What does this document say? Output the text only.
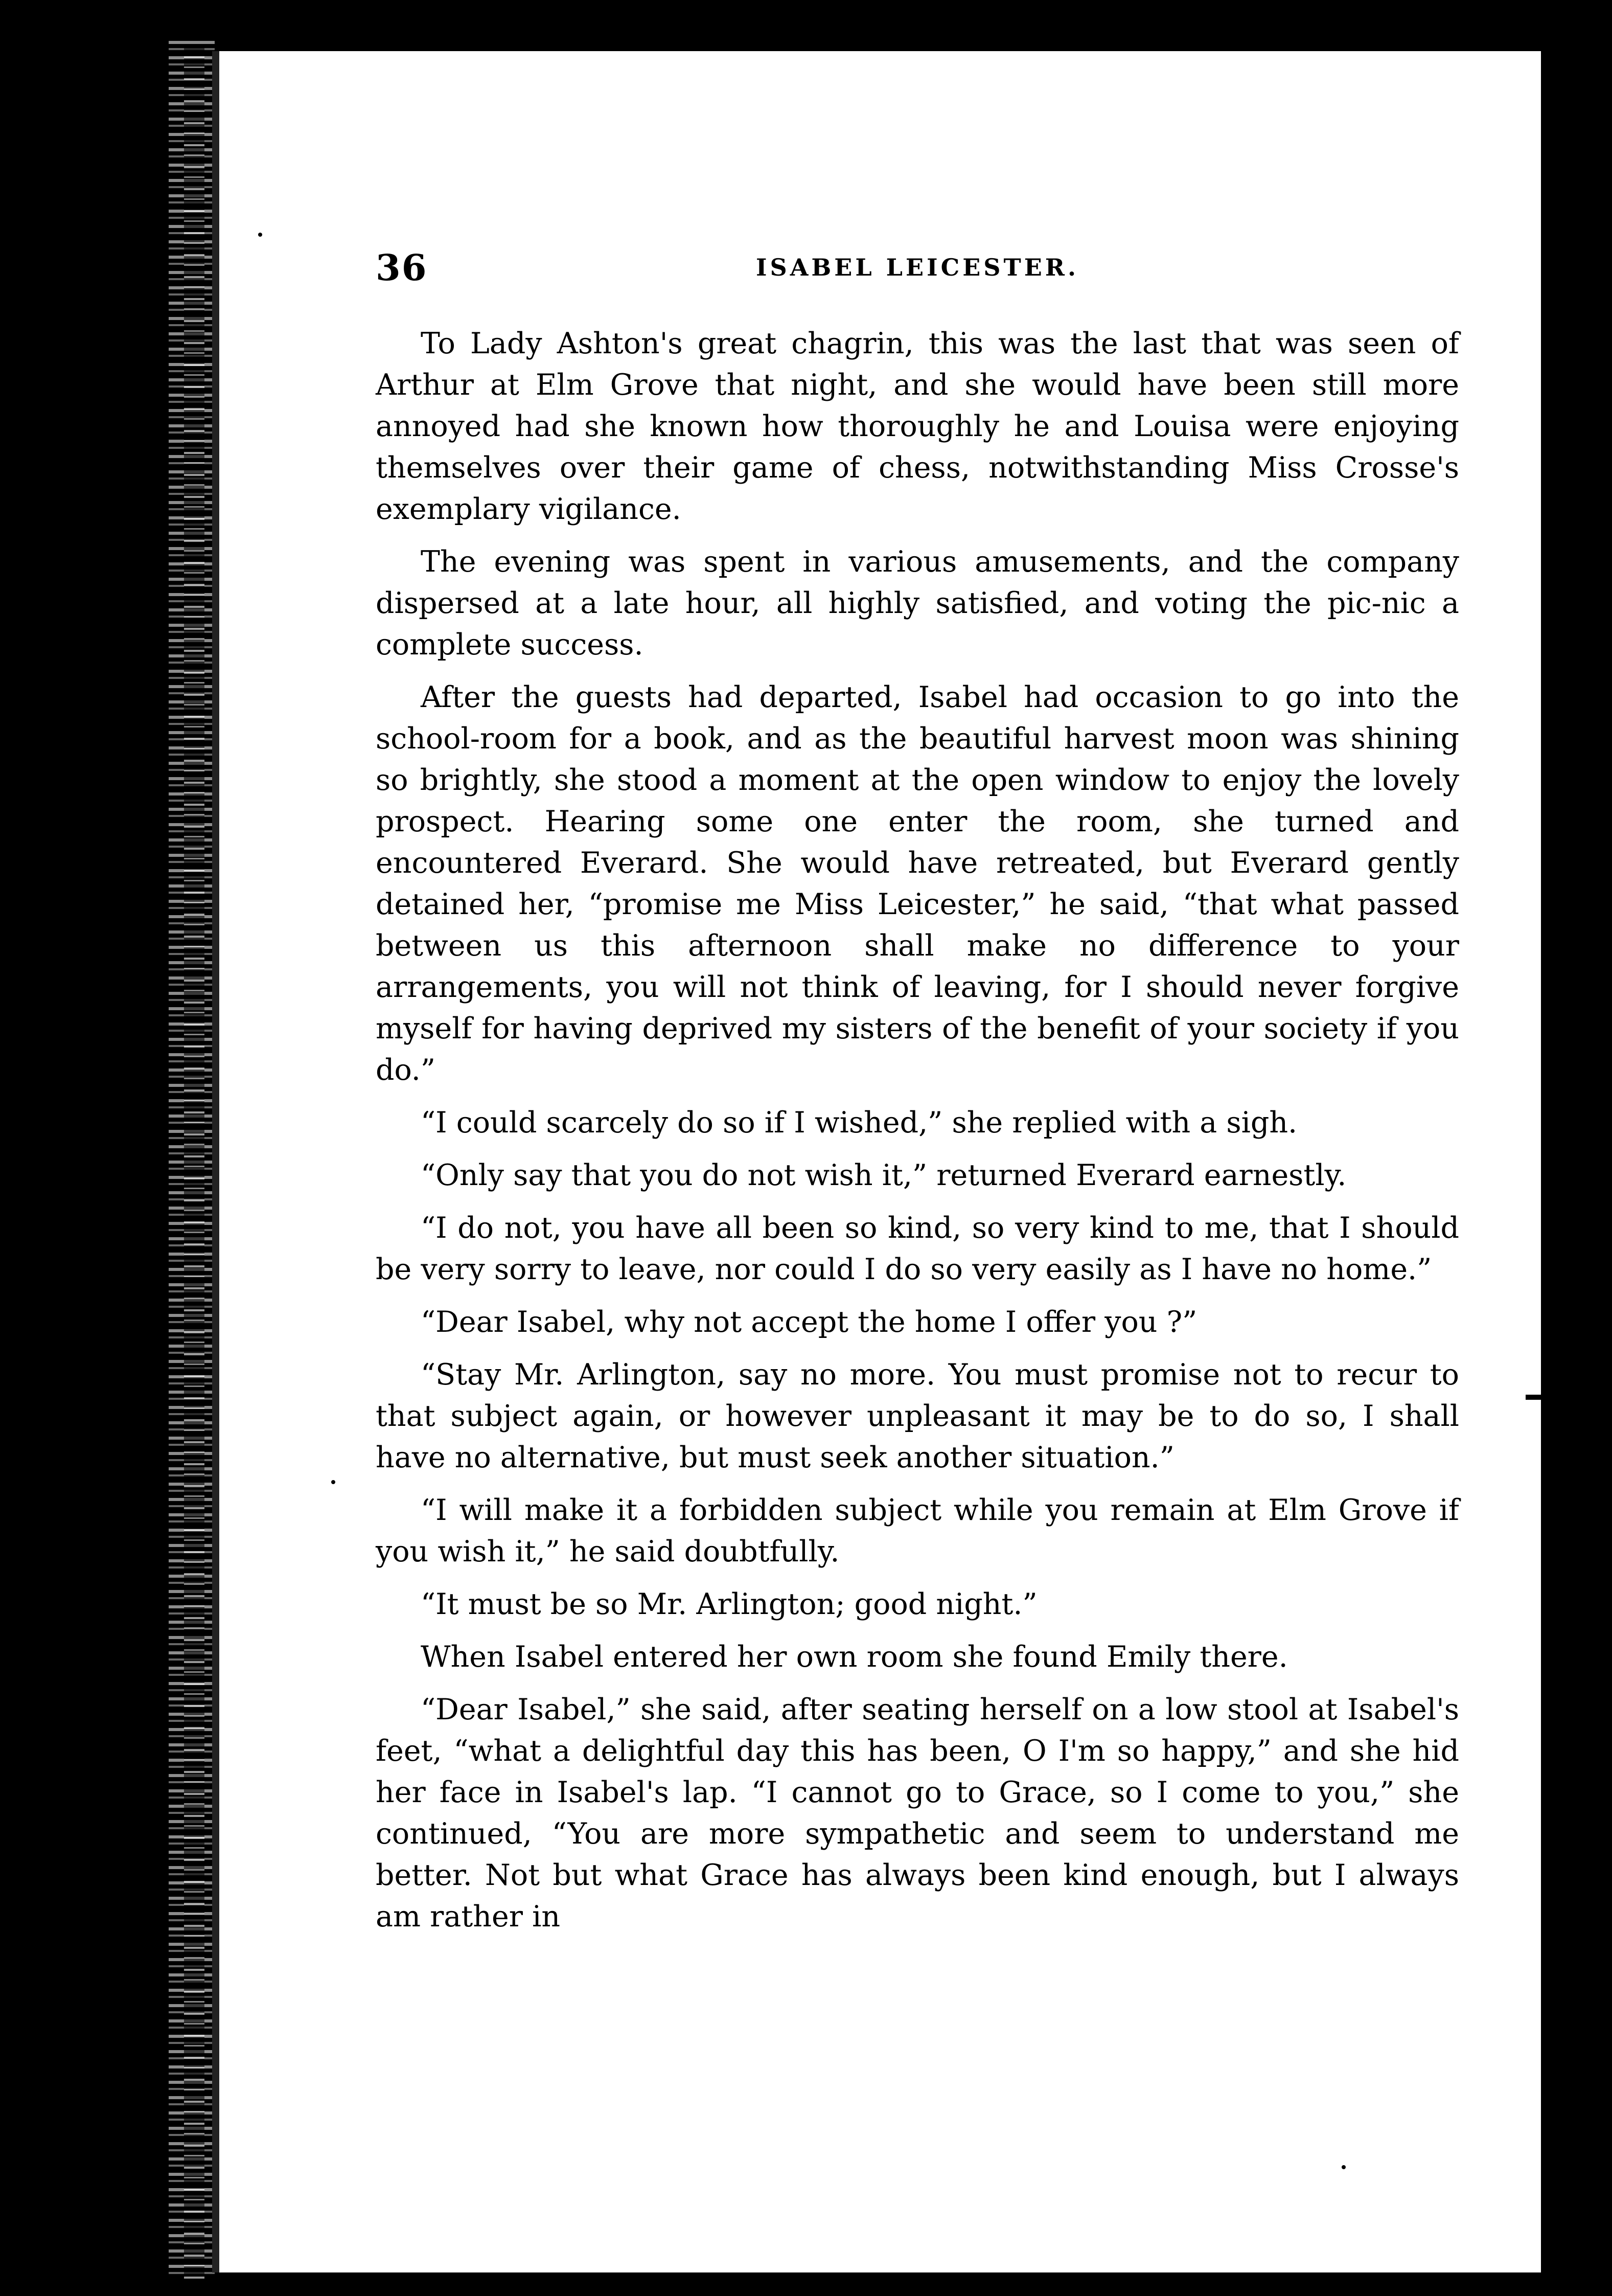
36	ISABEL LEICESTER.

To Lady Ashton's great chagrin, this was the last that was seen of Arthur at Elm Grove that night, and she would have been still more annoyed had she known how thoroughly he and Louisa were enjoying themselves over their game of chess, notwithstanding Miss Crosse's exemplary vigilance.

The evening was spent in various amusements, and the company dispersed at a late hour, all highly satisfied, and voting the pic-nic a complete success.

After the guests had departed, Isabel had occasion to go into the school-room for a book, and as the beautiful harvest moon was shining so brightly, she stood a moment at the open window to enjoy the lovely prospect. Hearing some one enter the room, she turned and encountered Everard. She would have retreated, but Everard gently detained her, “promise me Miss Leicester,” he said, “that what passed between us this afternoon shall make no difference to your arrangements, you will not think of leaving, for I should never forgive myself for having deprived my sisters of the benefit of your society if you do.”

“I could scarcely do so if I wished,” she replied with a sigh.

“Only say that you do not wish it,” returned Everard earnestly.

“I do not, you have all been so kind, so very kind to me, that I should be very sorry to leave, nor could I do so very easily as I have no home.”

“Dear Isabel, why not accept the home I offer you ?”

“Stay Mr. Arlington, say no more. You must promise not to recur to that subject again, or however unpleasant it may be to do so, I shall have no alternative, but must seek another situation.”

“I will make it a forbidden subject while you remain at Elm Grove if you wish it,” he said doubtfully.

“It must be so Mr. Arlington; good night.”

When Isabel entered her own room she found Emily there.

“Dear Isabel,” she said, after seating herself on a low stool at Isabel's feet, “what a delightful day this has been, O I'm so happy,” and she hid her face in Isabel's lap. “I cannot go to Grace, so I come to you,” she continued, “You are more sympathetic and seem to understand me better. Not but what Grace has always been kind enough, but I always am rather in
